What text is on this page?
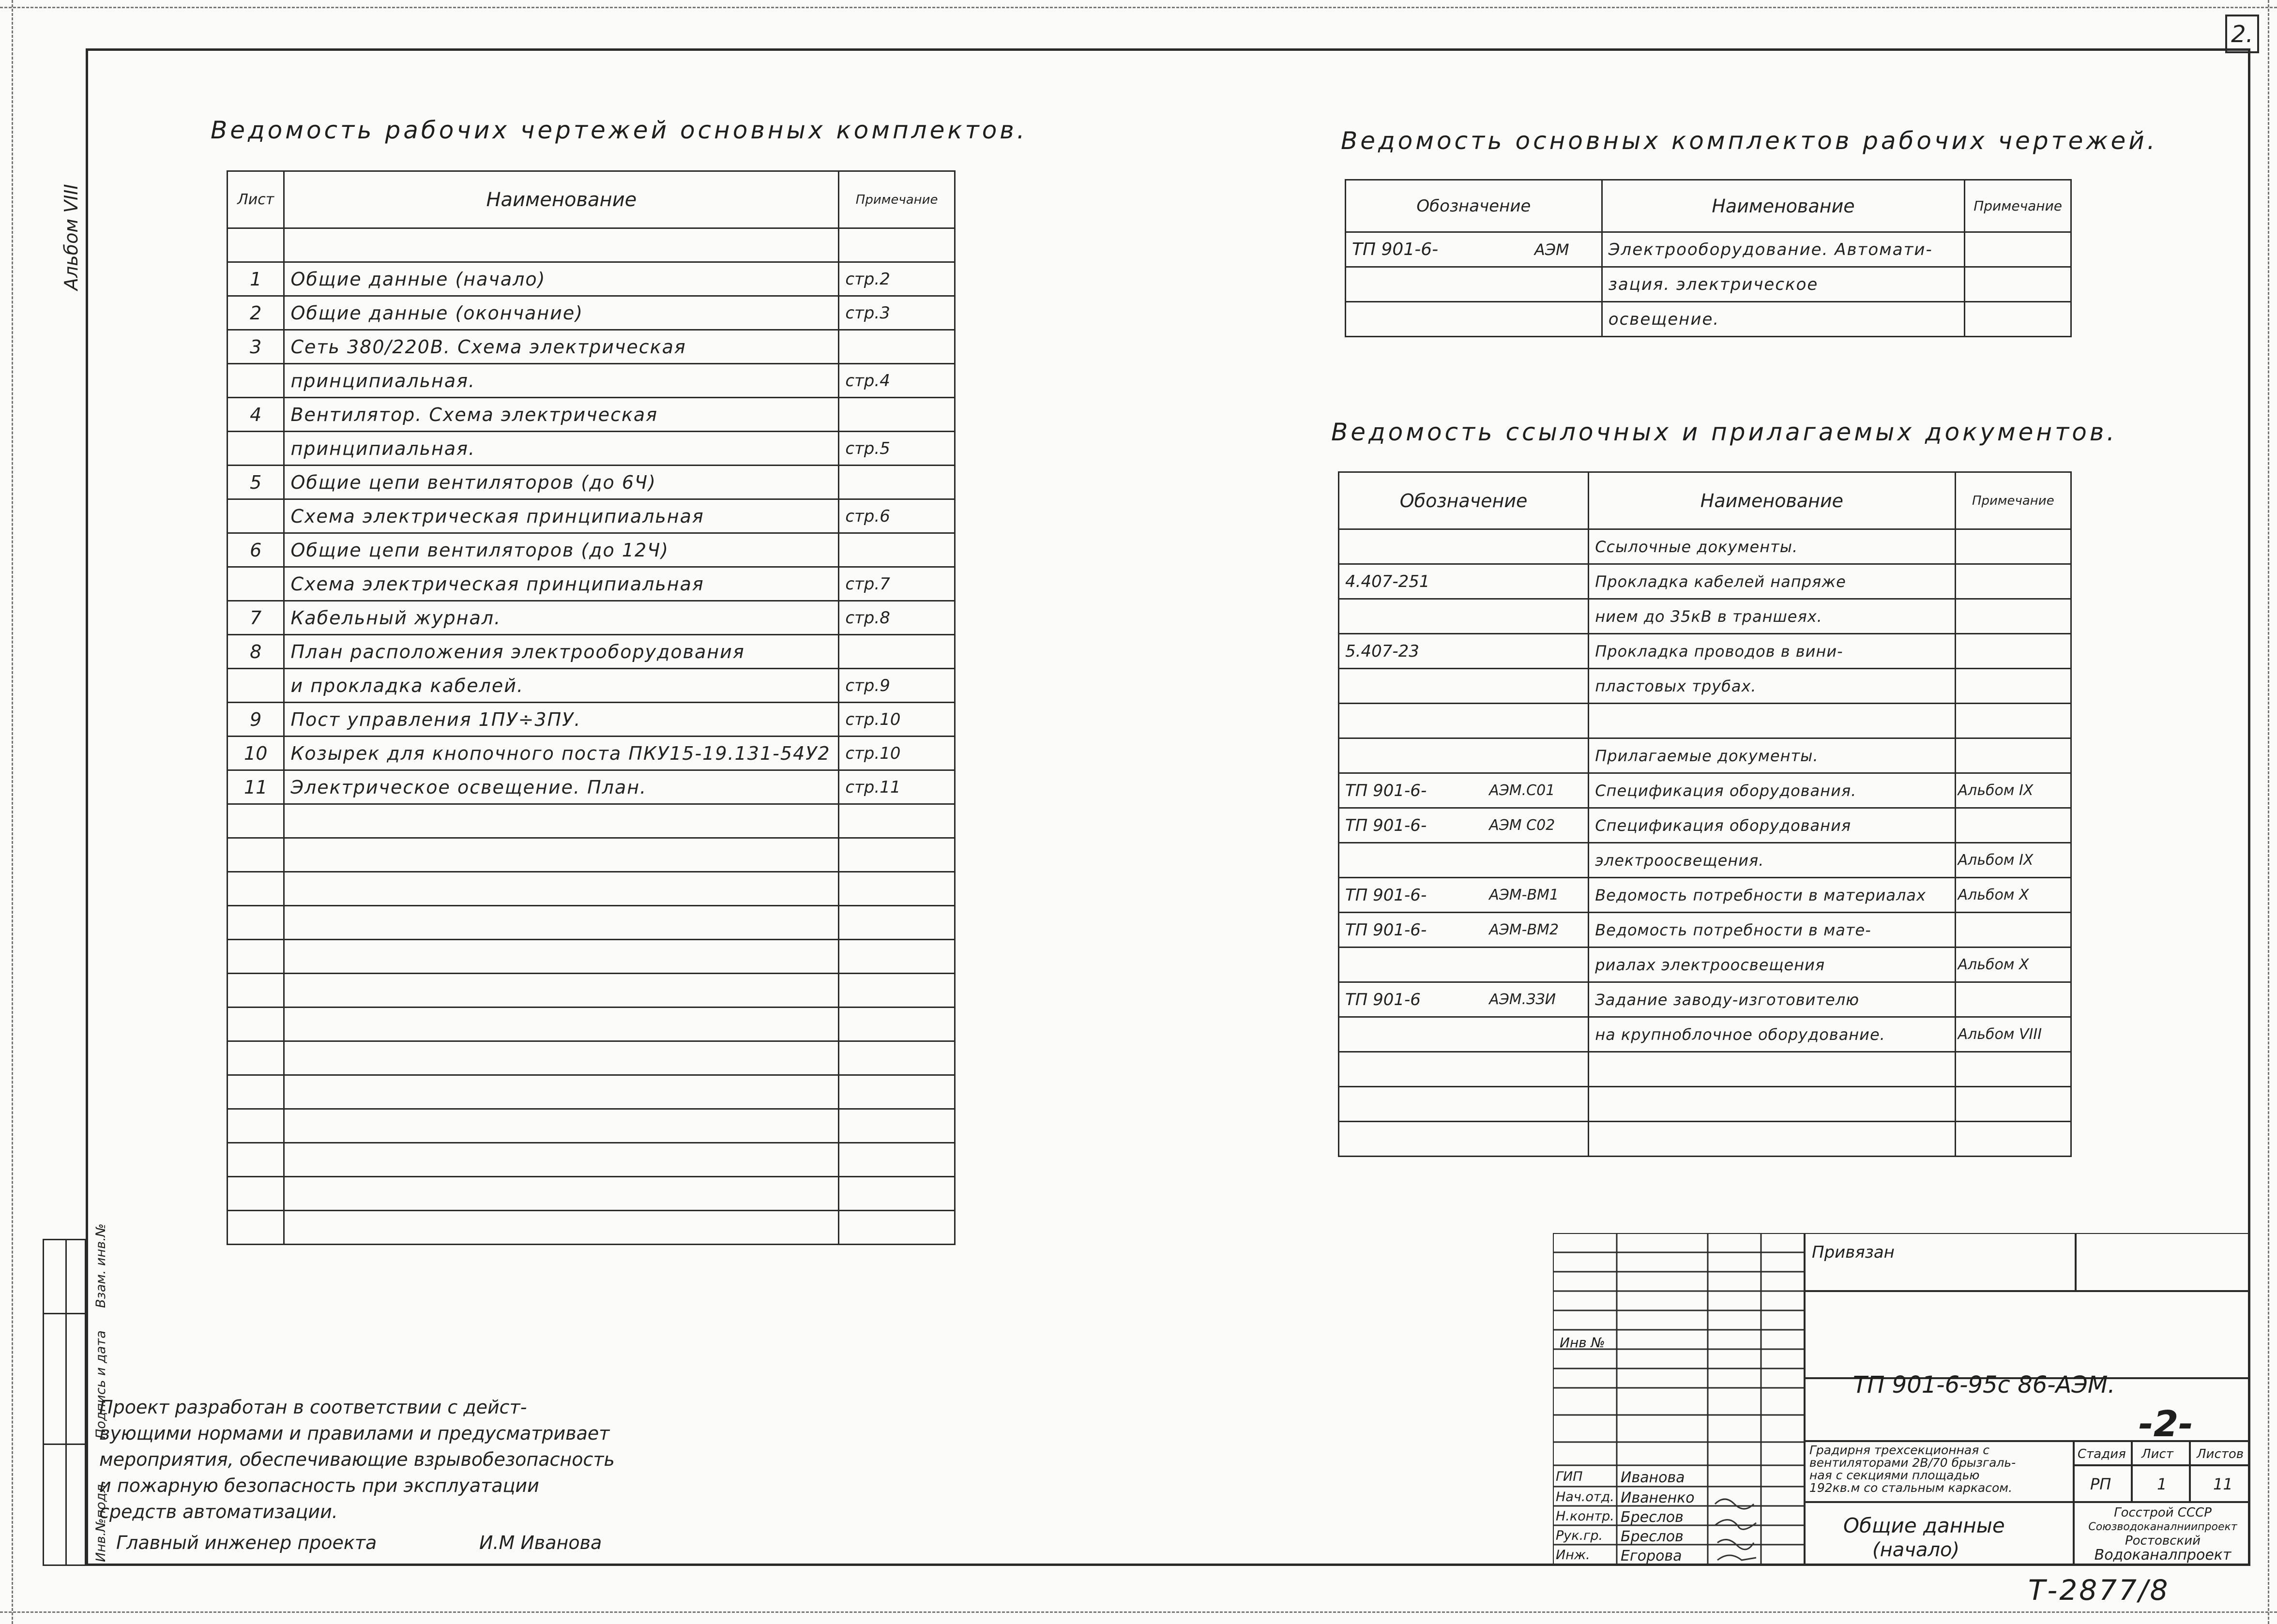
2.
Альбом VIII
Ведомость рабочих чертежей основных комплектов.
Лист	Наименование	Примечание

1	Общие данные (начало)	стр.2
2	Общие данные (окончание)	стр.3
3	Сеть 380/220В. Схема электрическая	
	принципиальная.	стр.4
4	Вентилятор. Схема электрическая	
	принципиальная.	стр.5
5	Общие цепи вентиляторов (до 6Ч)	
	Схема электрическая принципиальная	стр.6
6	Общие цепи вентиляторов (до 12Ч)	
	Схема электрическая принципиальная	стр.7
7	Кабельный журнал.	стр.8
8	План расположения электрооборудования	
	и прокладка кабелей.	стр.9
9	Пост управления 1ПУ÷3ПУ.	стр.10
10	Козырек для кнопочного поста ПКУ15-19.131-54У2	стр.10
11	Электрическое освещение. План.	стр.11

Ведомость основных комплектов рабочих чертежей.
Обозначение		Наименование	Примечание
ТП 901-6-	АЭМ	Электрооборудование. Автомати-	
		зация. электрическое	
		освещение.	
Ведомость ссылочных и прилагаемых документов.
Обозначение		Наименование	Примечание
		Ссылочные документы.	
4.407-251		Прокладка кабелей напряже	
		нием до 35кВ в траншеях.	
5.407-23		Прокладка проводов в вини-	
		пластовых трубах.	

		Прилагаемые документы.	
ТП 901-6-	АЭМ.С01	Спецификация оборудования.	Альбом IX
ТП 901-6-	АЭМ С02	Спецификация оборудования	
		электроосвещения.	Альбом IX
ТП 901-6-	АЭМ-ВМ1	Ведомость потребности в материалах	Альбом X
ТП 901-6-	АЭМ-ВМ2	Ведомость потребности в мате-	
		риалах электроосвещения	Альбом X
ТП 901-6	АЭМ.ЗЗИ	Задание заводу-изготовителю	
		на крупноблочное оборудование.	Альбом VIII

Взам. инв.№
Подпись и дата
Инв.№подл.
Проект разработан в соответствии с дейст-
вующими нормами и правилами и предусматривает
мероприятия, обеспечивающие взрывобезопасность
и пожарную безопасность при эксплуатации
средств автоматизации.
Главный инженер проекта	И.М Иванова
Привязан
Инв №
ТП 901-6-95с 86-АЭМ.
-2-
Градирня трехсекционная с
вентиляторами 2В/70 брызгаль-
ная с секциями площадью
192кв.м со стальным каркасом.
Стадия Лист Листов
РП	1	11
Общие данные
(начало)
Госстрой СССР
Союзводоканалниипроект
Ростовский
Водоканалпроект
ГИП
Нач.отд.
Н.контр.
Рук.гр.
Инж.
Иванова
Иваненко
Бреслов
Бреслов
Егорова
Т-2877/8
